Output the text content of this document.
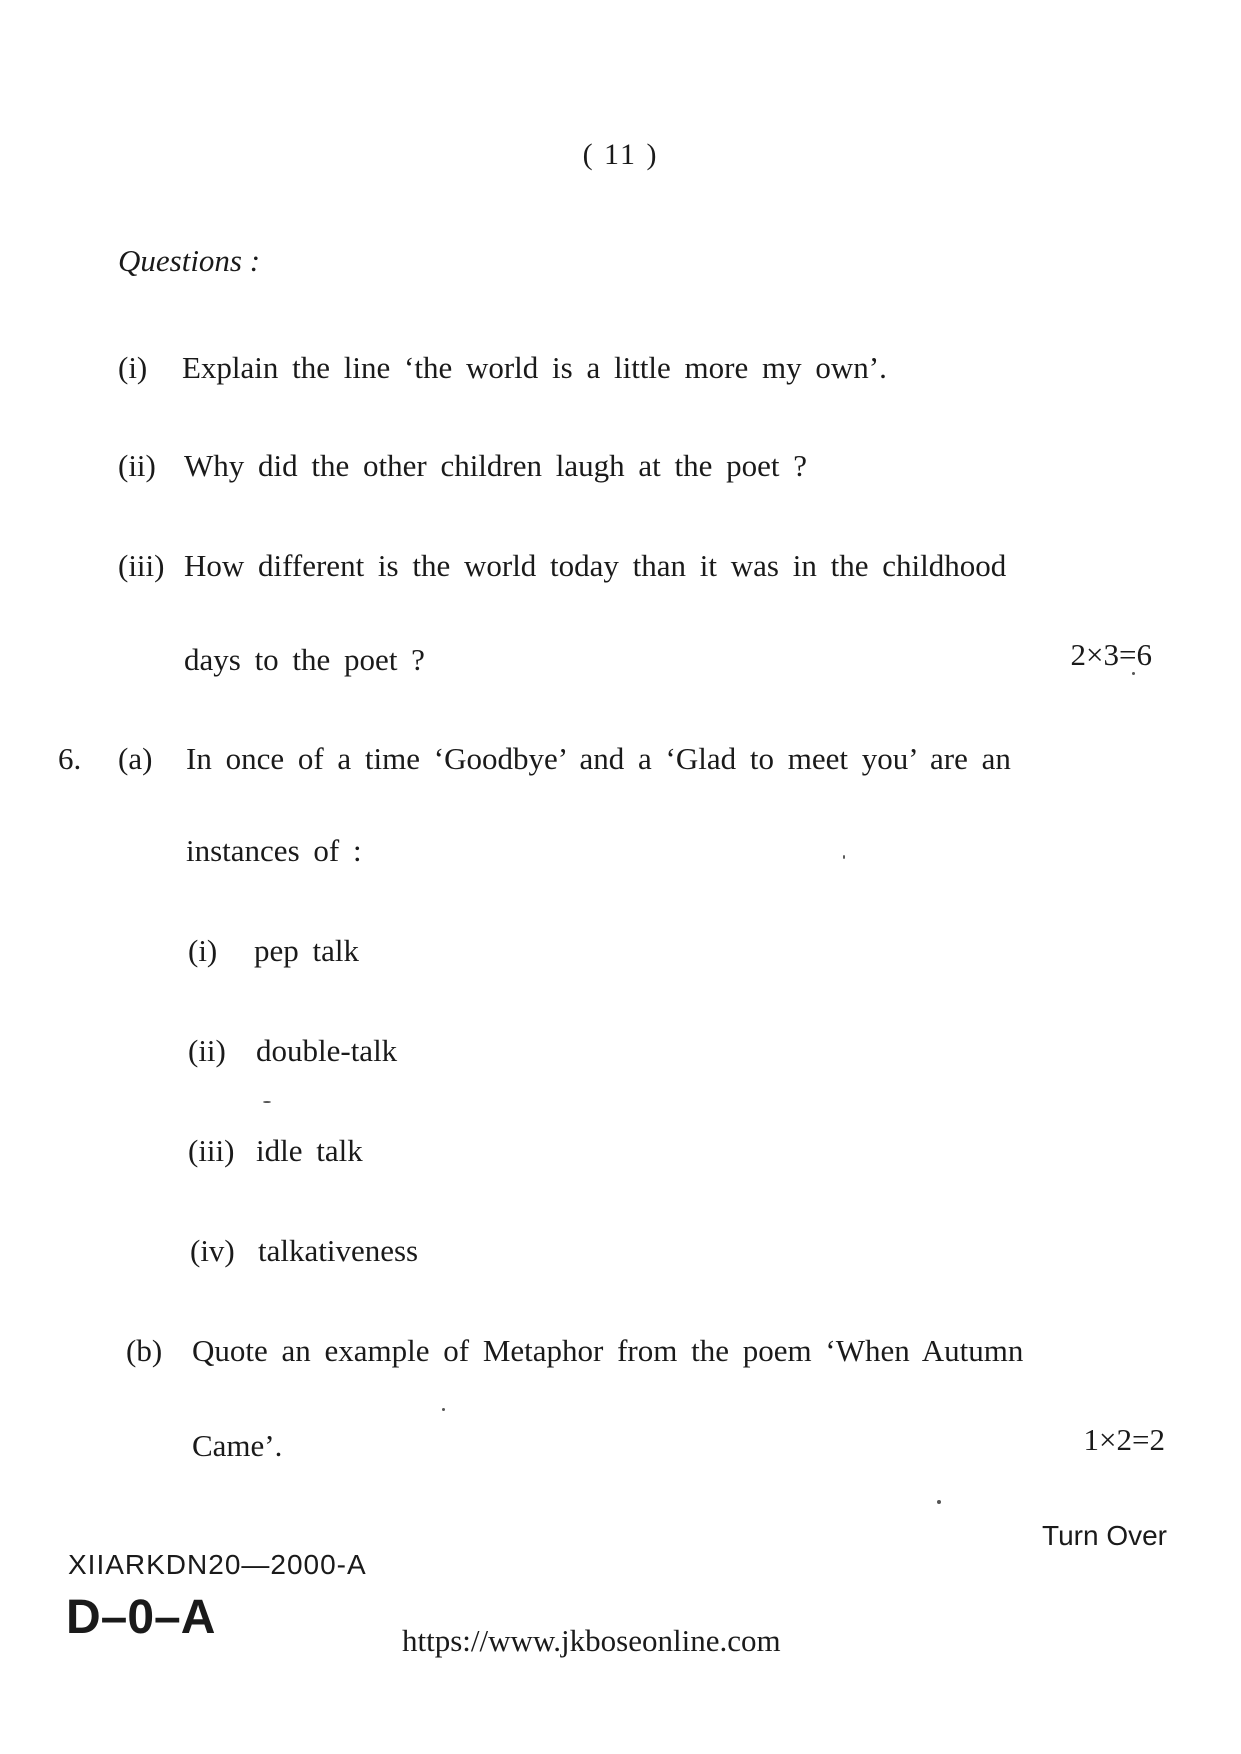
( 11 )
Questions :
(i) Explain the line ‘the world is a little more my own’.
(ii) Why did the other children laugh at the poet ?
(iii) How different is the world today than it was in the childhood
days to the poet ?	2×3=6
6. (a) In once of a time ‘Goodbye’ and a ‘Glad to meet you’ are an
instances of :
(i) pep talk
(ii) double-talk
(iii) idle talk
(iv) talkativeness
(b) Quote an example of Metaphor from the poem ‘When Autumn
Came’.	1×2=2
Turn Over
XIIARKDN20—2000-A
D–0–A	https://www.jkboseonline.com
